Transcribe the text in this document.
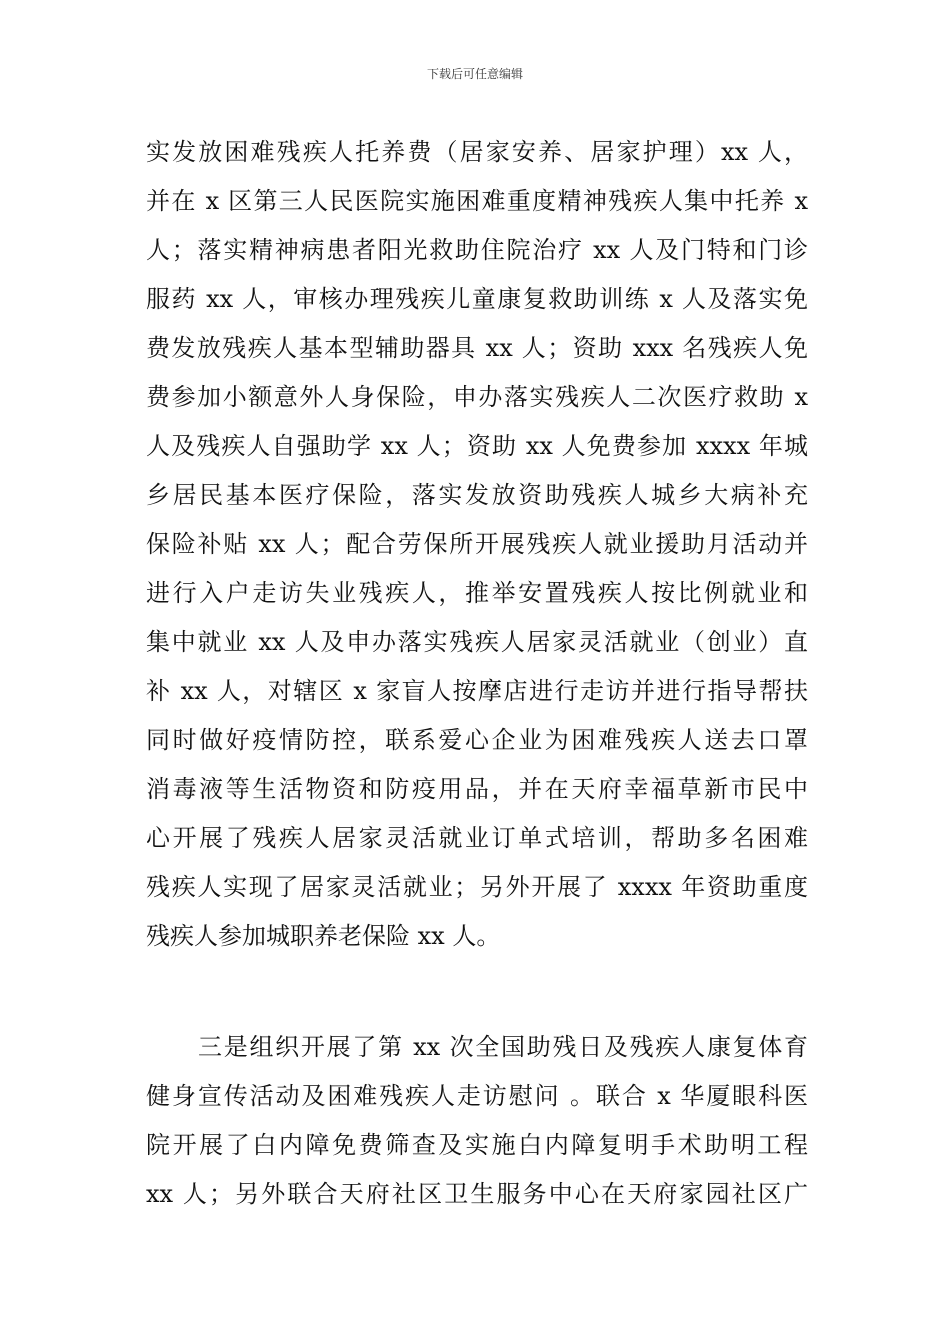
下载后可任意编辑
实发放困难残疾人托养费（居家安养、居家护理）xx 人，
并在 x 区第三人民医院实施困难重度精神残疾人集中托养 x
人；落实精神病患者阳光救助住院治疗 xx 人及门特和门诊
服药 xx 人，审核办理残疾儿童康复救助训练 x 人及落实免
费发放残疾人基本型辅助器具 xx 人；资助 xxx 名残疾人免
费参加小额意外人身保险，申办落实残疾人二次医疗救助 x
人及残疾人自强助学 xx 人；资助 xx 人免费参加 xxxx 年城
乡居民基本医疗保险，落实发放资助残疾人城乡大病补充
保险补贴 xx 人；配合劳保所开展残疾人就业援助月活动并
进行入户走访失业残疾人，推举安置残疾人按比例就业和
集中就业 xx 人及申办落实残疾人居家灵活就业（创业）直
补 xx 人，对辖区 x 家盲人按摩店进行走访并进行指导帮扶
同时做好疫情防控，联系爱心企业为困难残疾人送去口罩
消毒液等生活物资和防疫用品，并在天府幸福草新市民中
心开展了残疾人居家灵活就业订单式培训，帮助多名困难
残疾人实现了居家灵活就业；另外开展了 xxxx 年资助重度
残疾人参加城职养老保险 xx 人。
三是组织开展了第 xx 次全国助残日及残疾人康复体育
健身宣传活动及困难残疾人走访慰问 。联合 x 华厦眼科医
院开展了白内障免费筛查及实施白内障复明手术助明工程
xx 人；另外联合天府社区卫生服务中心在天府家园社区广
